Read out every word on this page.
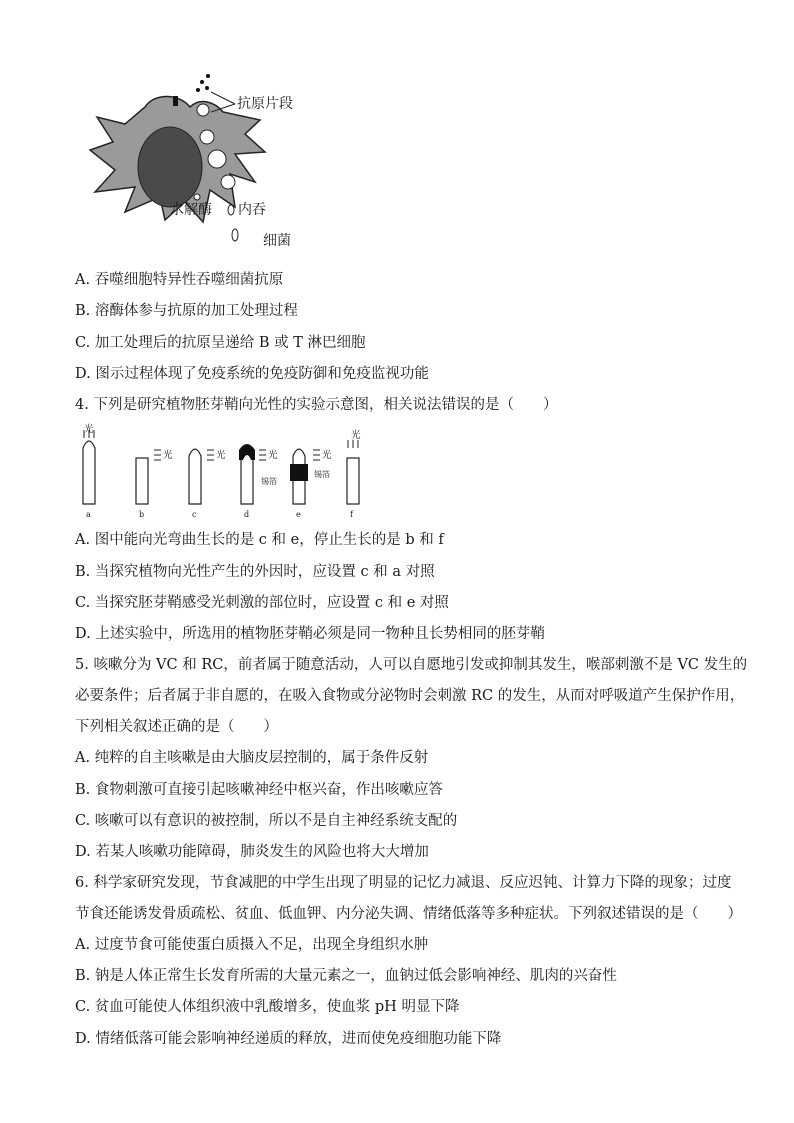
抗原片段
水解酶 内吞
细菌
A. 吞噬细胞特异性吞噬细菌抗原
B. 溶酶体参与抗原的加工处理过程
C. 加工处理后的抗原呈递给 B 或 T 淋巴细胞
D. 图示过程体现了免疫系统的免疫防御和免疫监视功能
4. 下列是研究植物胚芽鞘向光性的实验示意图，相关说法错误的是（　　）
光
光	光	光	光
光
锡箔
锡箔
a	b	c	d	e	f
A. 图中能向光弯曲生长的是 c 和 e，停止生长的是 b 和 f
B. 当探究植物向光性产生的外因时，应设置 c 和 a 对照
C. 当探究胚芽鞘感受光刺激的部位时，应设置 c 和 e 对照
D. 上述实验中，所选用的植物胚芽鞘必须是同一物种且长势相同的胚芽鞘
5. 咳嗽分为 VC 和 RC，前者属于随意活动，人可以自愿地引发或抑制其发生，喉部刺激不是 VC 发生的
必要条件；后者属于非自愿的，在吸入食物或分泌物时会刺激 RC 的发生，从而对呼吸道产生保护作用，
下列相关叙述正确的是（　　）
A. 纯粹的自主咳嗽是由大脑皮层控制的，属于条件反射
B. 食物刺激可直接引起咳嗽神经中枢兴奋，作出咳嗽应答
C. 咳嗽可以有意识的被控制，所以不是自主神经系统支配的
D. 若某人咳嗽功能障碍，肺炎发生的风险也将大大增加
6. 科学家研究发现，节食减肥的中学生出现了明显的记忆力减退、反应迟钝、计算力下降的现象；过度
节食还能诱发骨质疏松、贫血、低血钾、内分泌失调、情绪低落等多种症状。下列叙述错误的是（　　）
A. 过度节食可能使蛋白质摄入不足，出现全身组织水肿
B. 钠是人体正常生长发育所需的大量元素之一，血钠过低会影响神经、肌肉的兴奋性
C. 贫血可能使人体组织液中乳酸增多，使血浆 pH 明显下降
D. 情绪低落可能会影响神经递质的释放，进而使免疫细胞功能下降
